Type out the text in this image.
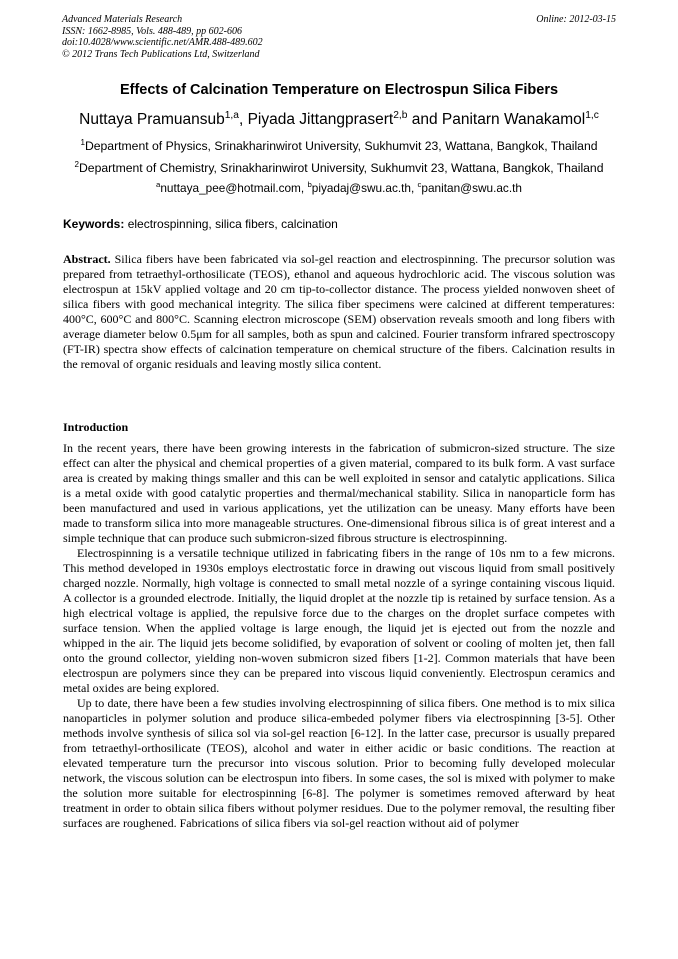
Advanced Materials Research
ISSN: 1662-8985, Vols. 488-489, pp 602-606
doi:10.4028/www.scientific.net/AMR.488-489.602
© 2012 Trans Tech Publications Ltd, Switzerland
Online: 2012-03-15
Effects of Calcination Temperature on Electrospun Silica Fibers
Nuttaya Pramuansub$^{1,a}$, Piyada Jittangprasert$^{2,b}$ and Panitarn Wanakamol$^{1,c}$
$^1$Department of Physics, Srinakharinwirot University, Sukhumvit 23, Wattana, Bangkok, Thailand
$^2$Department of Chemistry, Srinakharinwirot University, Sukhumvit 23, Wattana, Bangkok, Thailand
$^a$nuttaya_pee@hotmail.com, $^b$piyadaj@swu.ac.th, $^c$panitan@swu.ac.th
Keywords: electrospinning, silica fibers, calcination
Abstract. Silica fibers have been fabricated via sol-gel reaction and electrospinning. The precursor solution was prepared from tetraethyl-orthosilicate (TEOS), ethanol and aqueous hydrochloric acid. The viscous solution was electrospun at 15kV applied voltage and 20 cm tip-to-collector distance. The process yielded nonwoven sheet of silica fibers with good mechanical integrity. The silica fiber specimens were calcined at different temperatures: 400°C, 600°C and 800°C. Scanning electron microscope (SEM) observation reveals smooth and long fibers with average diameter below 0.5μm for all samples, both as spun and calcined. Fourier transform infrared spectroscopy (FT-IR) spectra show effects of calcination temperature on chemical structure of the fibers. Calcination results in the removal of organic residuals and leaving mostly silica content.
Introduction

In the recent years, there have been growing interests in the fabrication of submicron-sized structure. The size effect can alter the physical and chemical properties of a given material, compared to its bulk form. A vast surface area is created by making things smaller and this can be well exploited in sensor and catalytic applications. Silica is a metal oxide with good catalytic properties and thermal/mechanical stability. Silica in nanoparticle form has been manufactured and used in various applications, yet the utilization can be uneasy. Many efforts have been made to transform silica into more manageable structures. One-dimensional fibrous silica is of great interest and a simple technique that can produce such submicron-sized fibrous structure is electrospinning.

Electrospinning is a versatile technique utilized in fabricating fibers in the range of 10s nm to a few microns. This method developed in 1930s employs electrostatic force in drawing out viscous liquid from small positively charged nozzle. Normally, high voltage is connected to small metal nozzle of a syringe containing viscous liquid. A collector is a grounded electrode. Initially, the liquid droplet at the nozzle tip is retained by surface tension. As a high electrical voltage is applied, the repulsive force due to the charges on the droplet surface competes with surface tension. When the applied voltage is large enough, the liquid jet is ejected out from the nozzle and whipped in the air. The liquid jets become solidified, by evaporation of solvent or cooling of molten jet, then fall onto the ground collector, yielding non-woven submicron sized fibers [1-2]. Common materials that have been electrospun are polymers since they can be prepared into viscous liquid conveniently. Electrospun ceramics and metal oxides are being explored.

Up to date, there have been a few studies involving electrospinning of silica fibers. One method is to mix silica nanoparticles in polymer solution and produce silica-embeded polymer fibers via electrospinning [3-5]. Other methods involve synthesis of silica sol via sol-gel reaction [6-12]. In the latter case, precursor is usually prepared from tetraethyl-orthosilicate (TEOS), alcohol and water in either acidic or basic conditions. The reaction at elevated temperature turn the precursor into viscous solution. Prior to becoming fully developed molecular network, the viscous solution can be electrospun into fibers. In some cases, the sol is mixed with polymer to make the solution more suitable for electrospinning [6-8]. The polymer is sometimes removed afterward by heat treatment in order to obtain silica fibers without polymer residues. Due to the polymer removal, the resulting fiber surfaces are roughened. Fabrications of silica fibers via sol-gel reaction without aid of polymer
